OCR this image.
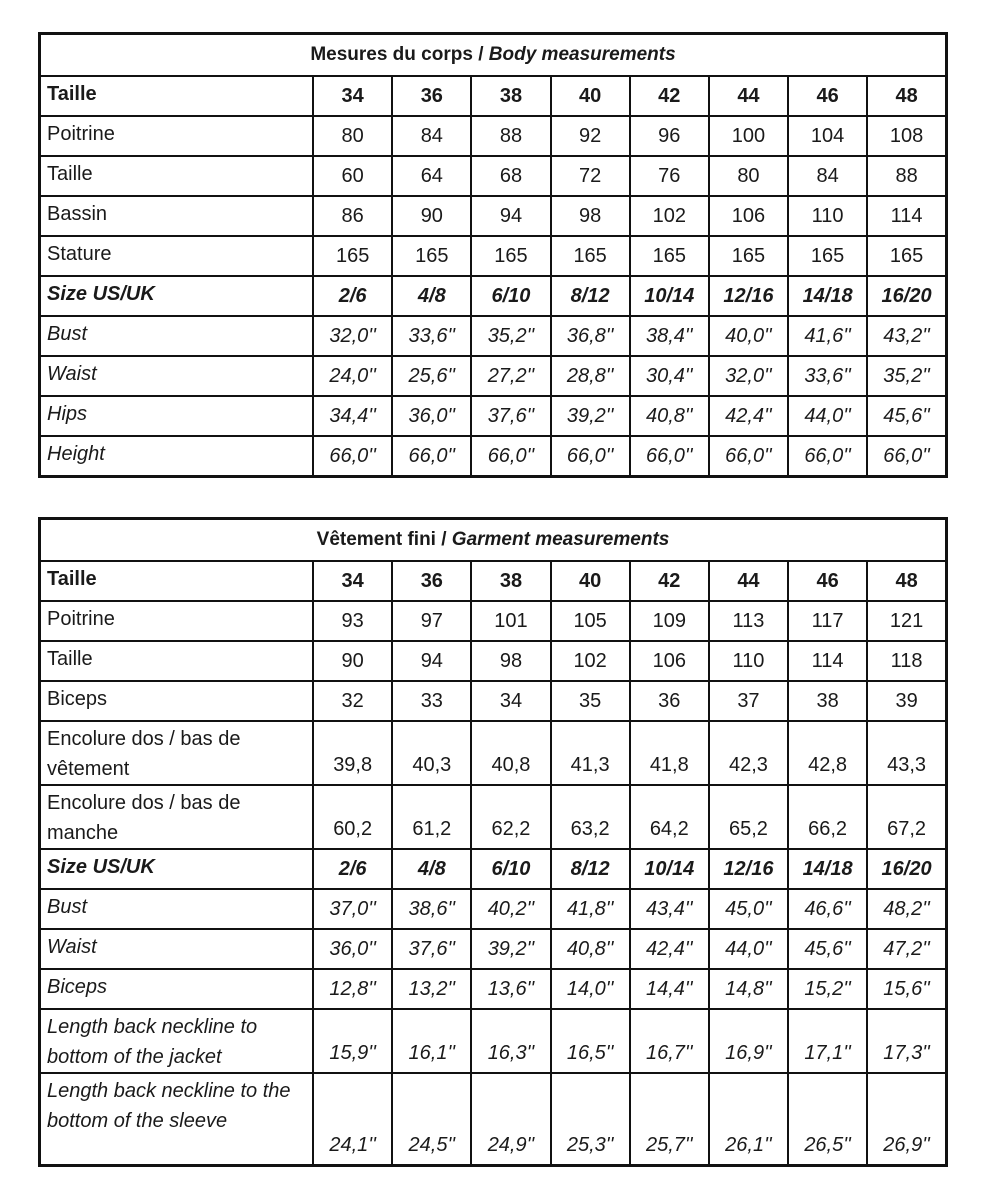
Mesures du corps / Body measurements								
Taille	34	36	38	40	42	44	46	48
Poitrine	80	84	88	92	96	100	104	108
Taille	60	64	68	72	76	80	84	88
Bassin	86	90	94	98	102	106	110	114
Stature	165	165	165	165	165	165	165	165
Size US/UK	2/6	4/8	6/10	8/12	10/14	12/16	14/18	16/20
Bust	32,0''	33,6''	35,2''	36,8''	38,4''	40,0''	41,6''	43,2''
Waist	24,0''	25,6''	27,2''	28,8''	30,4''	32,0''	33,6''	35,2''
Hips	34,4''	36,0''	37,6''	39,2''	40,8''	42,4''	44,0''	45,6''
Height	66,0''	66,0''	66,0''	66,0''	66,0''	66,0''	66,0''	66,0''
Vêtement fini / Garment measurements								
Taille	34	36	38	40	42	44	46	48
Poitrine	93	97	101	105	109	113	117	121
Taille	90	94	98	102	106	110	114	118
Biceps	32	33	34	35	36	37	38	39
Encolure dos / bas de vêtement	39,8	40,3	40,8	41,3	41,8	42,3	42,8	43,3
Encolure dos / bas de manche	60,2	61,2	62,2	63,2	64,2	65,2	66,2	67,2
Size US/UK	2/6	4/8	6/10	8/12	10/14	12/16	14/18	16/20
Bust	37,0''	38,6''	40,2''	41,8''	43,4''	45,0''	46,6''	48,2''
Waist	36,0''	37,6''	39,2''	40,8''	42,4''	44,0''	45,6''	47,2''
Biceps	12,8''	13,2''	13,6''	14,0''	14,4''	14,8''	15,2''	15,6''
Length back neckline to bottom of the jacket	15,9''	16,1''	16,3''	16,5''	16,7''	16,9''	17,1''	17,3''
Length back neckline to the bottom of the sleeve	24,1''	24,5''	24,9''	25,3''	25,7''	26,1''	26,5''	26,9''
